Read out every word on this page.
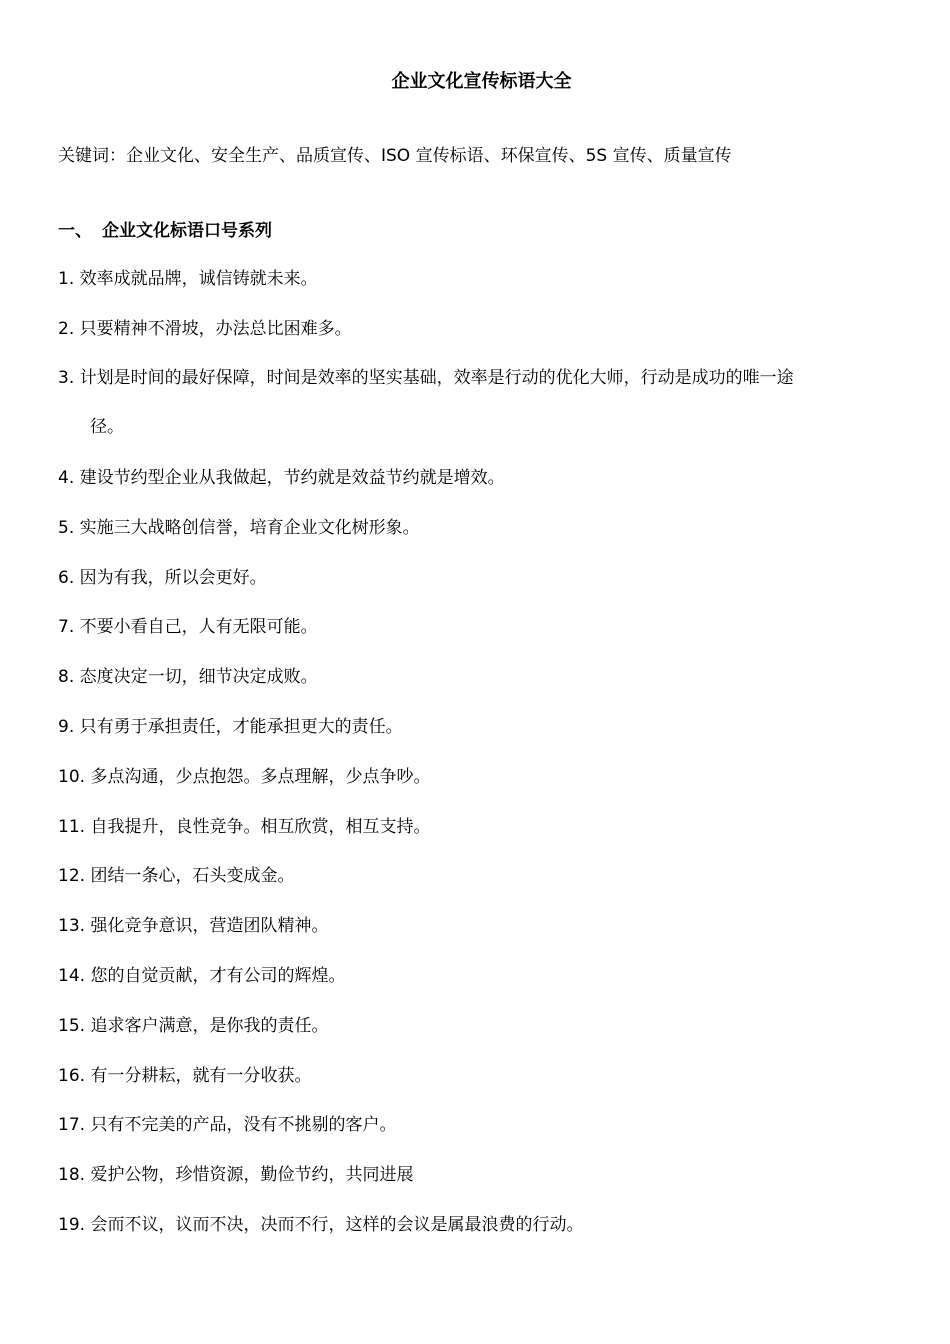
企业文化宣传标语大全
关键词：企业文化、安全生产、品质宣传、ISO 宣传标语、环保宣传、5S 宣传、质量宣传
一、 企业文化标语口号系列
1. 效率成就品牌，诚信铸就未来。
2. 只要精神不滑坡，办法总比困难多。
3. 计划是时间的最好保障，时间是效率的坚实基础，效率是行动的优化大师，行动是成功的唯一途
径。
4. 建设节约型企业从我做起，节约就是效益节约就是增效。
5. 实施三大战略创信誉，培育企业文化树形象。
6. 因为有我，所以会更好。
7. 不要小看自己，人有无限可能。
8. 态度决定一切，细节决定成败。
9. 只有勇于承担责任，才能承担更大的责任。
10. 多点沟通，少点抱怨。多点理解，少点争吵。
11. 自我提升，良性竞争。相互欣赏，相互支持。
12. 团结一条心，石头变成金。
13. 强化竞争意识，营造团队精神。
14. 您的自觉贡献，才有公司的辉煌。
15. 追求客户满意，是你我的责任。
16. 有一分耕耘，就有一分收获。
17. 只有不完美的产品，没有不挑剔的客户。
18. 爱护公物，珍惜资源，勤俭节约，共同进展
19. 会而不议，议而不决，决而不行，这样的会议是属最浪费的行动。
